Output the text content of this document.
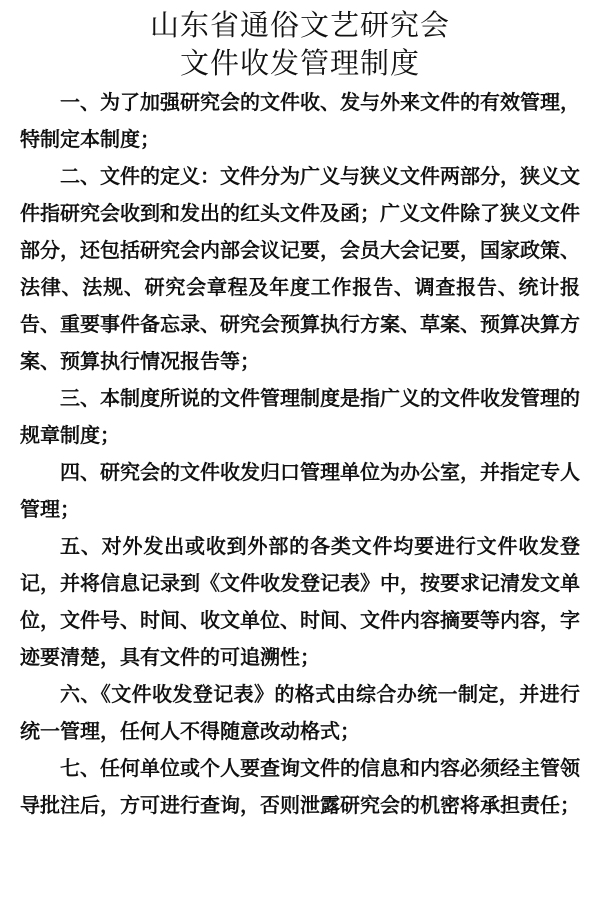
山东省通俗文艺研究会
文件收发管理制度

一、为了加强研究会的文件收、发与外来文件的有效管理，特制定本制度；

二、文件的定义：文件分为广义与狭义文件两部分，狭义文件指研究会收到和发出的红头文件及函；广义文件除了狭义文件部分，还包括研究会内部会议记要，会员大会记要，国家政策、法律、法规、研究会章程及年度工作报告、调查报告、统计报告、重要事件备忘录、研究会预算执行方案、草案、预算决算方案、预算执行情况报告等；

三、本制度所说的文件管理制度是指广义的文件收发管理的规章制度；

四、研究会的文件收发归口管理单位为办公室，并指定专人管理；

五、对外发出或收到外部的各类文件均要进行文件收发登记，并将信息记录到《文件收发登记表》中，按要求记清发文单位，文件号、时间、收文单位、时间、文件内容摘要等内容，字迹要清楚，具有文件的可追溯性；

六、《文件收发登记表》的格式由综合办统一制定，并进行统一管理，任何人不得随意改动格式；

七、任何单位或个人要查询文件的信息和内容必须经主管领导批注后，方可进行查询，否则泄露研究会的机密将承担责任；
